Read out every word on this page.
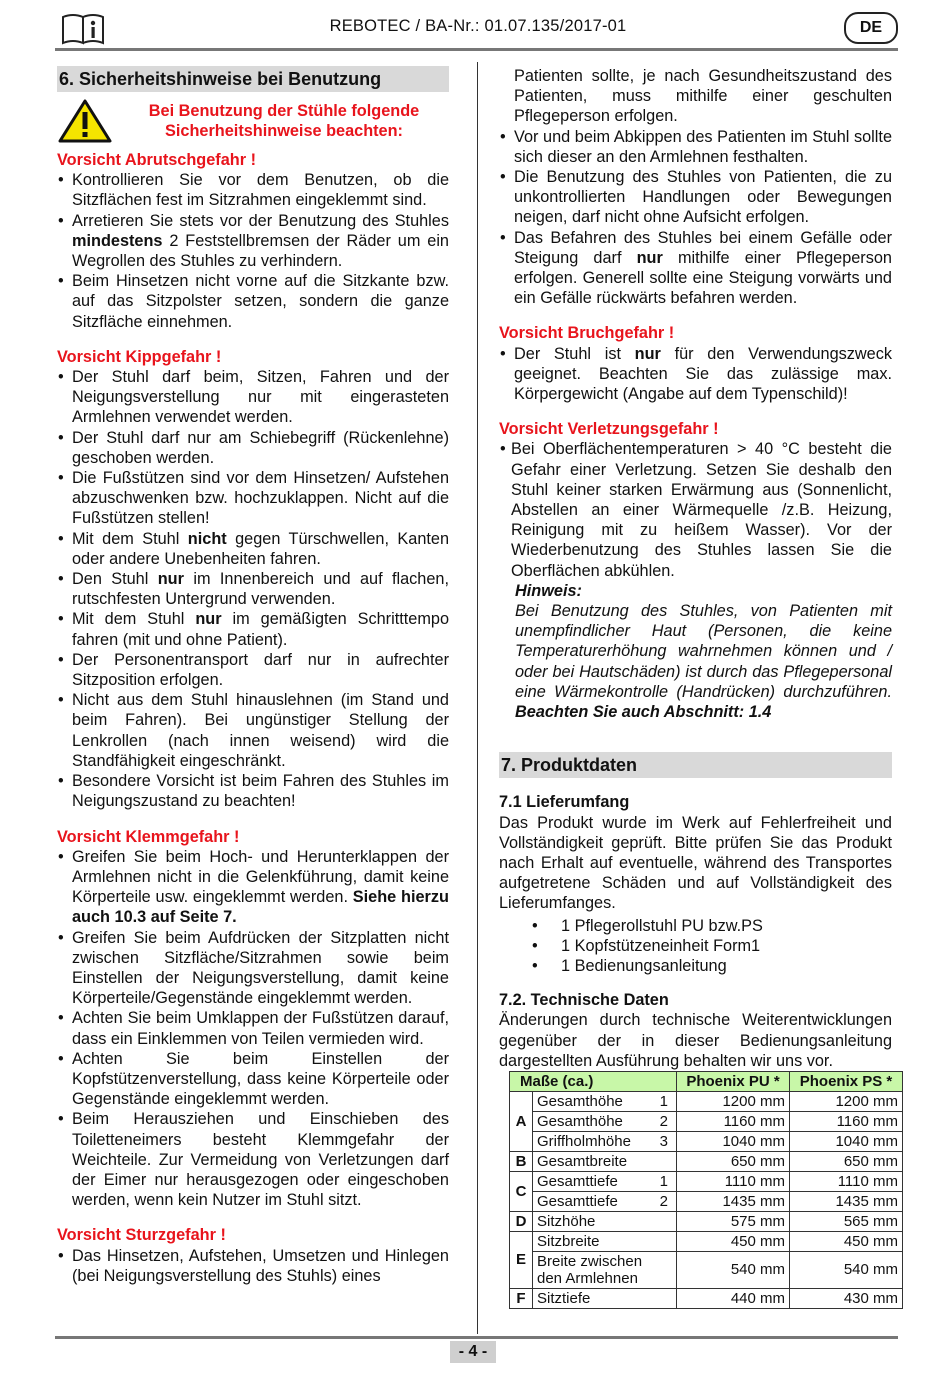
REBOTEC / BA-Nr.: 01.07.135/2017-01	DE

6. Sicherheitshinweise bei Benutzung

Bei Benutzung der Stühle folgende Sicherheitshinweise beachten:

Vorsicht Abrutschgefahr !

• Kontrollieren Sie vor dem Benutzen, ob die Sitzflächen fest im Sitzrahmen eingeklemmt sind.
• Arretieren Sie stets vor der Benutzung des Stuhles mindestens 2 Feststellbremsen der Räder um ein Wegrollen des Stuhles zu verhindern.
• Beim Hinsetzen nicht vorne auf die Sitzkante bzw. auf das Sitzpolster setzen, sondern die ganze Sitzfläche einnehmen.

Vorsicht Kippgefahr !

• Der Stuhl darf beim, Sitzen, Fahren und der Neigungsverstellung nur mit eingerasteten Armlehnen verwendet werden.
• Der Stuhl darf nur am Schiebegriff (Rückenlehne) geschoben werden.
• Die Fußstützen sind vor dem Hinsetzen/ Aufstehen abzuschwenken bzw. hochzuklappen. Nicht auf die Fußstützen stellen!
• Mit dem Stuhl nicht gegen Türschwellen, Kanten oder andere Unebenheiten fahren.
• Den Stuhl nur im Innenbereich und auf flachen, rutschfesten Untergrund verwenden.
• Mit dem Stuhl nur im gemäßigten Schritttempo fahren (mit und ohne Patient).
• Der Personentransport darf nur in aufrechter Sitzposition erfolgen.
• Nicht aus dem Stuhl hinauslehnen (im Stand und beim Fahren). Bei ungünstiger Stellung der Lenkrollen (nach innen weisend) wird die Standfähigkeit eingeschränkt.
• Besondere Vorsicht ist beim Fahren des Stuhles im Neigungszustand zu beachten!

Vorsicht Klemmgefahr !

• Greifen Sie beim Hoch- und Herunterklappen der Armlehnen nicht in die Gelenkführung, damit keine Körperteile usw. eingeklemmt werden. Siehe hierzu auch 10.3 auf Seite 7.
• Greifen Sie beim Aufdrücken der Sitzplatten nicht zwischen Sitzfläche/Sitzrahmen sowie beim Einstellen der Neigungsverstellung, damit keine Körperteile/Gegenstände eingeklemmt werden.
• Achten Sie beim Umklappen der Fußstützen darauf, dass ein Einklemmen von Teilen vermieden wird.
• Achten Sie beim Einstellen der Kopfstützenverstellung, dass keine Körperteile oder Gegenstände eingeklemmt werden.
• Beim Herausziehen und Einschieben des Toiletteneimers besteht Klemmgefahr der Weichteile. Zur Vermeidung von Verletzungen darf der Eimer nur herausgezogen oder eingeschoben werden, wenn kein Nutzer im Stuhl sitzt.

Vorsicht Sturzgefahr !

• Das Hinsetzen, Aufstehen, Umsetzen und Hinlegen (bei Neigungsverstellung des Stuhls) eines
Patienten sollte, je nach Gesundheitszustand des Patienten, muss mithilfe einer geschulten Pflegeperson erfolgen.
• Vor und beim Abkippen des Patienten im Stuhl sollte sich dieser an den Armlehnen festhalten.
• Die Benutzung des Stuhles von Patienten, die zu unkontrollierten Handlungen oder Bewegungen neigen, darf nicht ohne Aufsicht erfolgen.
• Das Befahren des Stuhles bei einem Gefälle oder Steigung darf nur mithilfe einer Pflegeperson erfolgen. Generell sollte eine Steigung vorwärts und ein Gefälle rückwärts befahren werden.

Vorsicht Bruchgefahr !

• Der Stuhl ist nur für den Verwendungszweck geeignet. Beachten Sie das zulässige max. Körpergewicht (Angabe auf dem Typenschild)!

Vorsicht Verletzungsgefahr !

• Bei Oberflächentemperaturen > 40 °C besteht die Gefahr einer Verletzung. Setzen Sie deshalb den Stuhl keiner starken Erwärmung aus (Sonnenlicht, Abstellen an einer Wärmequelle /z.B. Heizung, Reinigung mit zu heißem Wasser). Vor der Wiederbenutzung des Stuhles lassen Sie die Oberflächen abkühlen.

Hinweis:

Bei Benutzung des Stuhles, von Patienten mit unempfindlicher Haut (Personen, die keine Temperaturerhöhung wahrnehmen können und / oder bei Hautschäden) ist durch das Pflegepersonal eine Wärmekontrolle (Handrücken) durchzuführen. Beachten Sie auch Abschnitt: 1.4

7. Produktdaten

7.1 Lieferumfang

Das Produkt wurde im Werk auf Fehlerfreiheit und Vollständigkeit geprüft. Bitte prüfen Sie das Produkt nach Erhalt auf eventuelle, während des Transportes aufgetretene Schäden und auf Vollständigkeit des Lieferumfanges.

• 1 Pflegerollstuhl PU bzw.PS
• 1 Kopfstützeneinheit Form1
• 1 Bedienungsanleitung

7.2. Technische Daten

Änderungen durch technische Weiterentwicklungen gegenüber der in dieser Bedienungsanleitung dargestellten Ausführung behalten wir uns vor.

Maße (ca.)		Phoenix PU *	Phoenix PS *
A	Gesamthöhe 1	1200 mm	1200 mm

	Gesamthöhe 2	1160 mm	1160 mm

	Griffholmhöhe 3	1040 mm	1040 mm
B	Gesamtbreite	650 mm	650 mm
C	Gesamttiefe 1	1110 mm	1110 mm

	Gesamttiefe 2	1435 mm	1435 mm
D	Sitzhöhe	575 mm	565 mm
E	Sitzbreite	450 mm	450 mm

	Breite zwischen den Armlehnen	540 mm	540 mm
F	Sitztiefe	440 mm	430 mm
- 4 -
